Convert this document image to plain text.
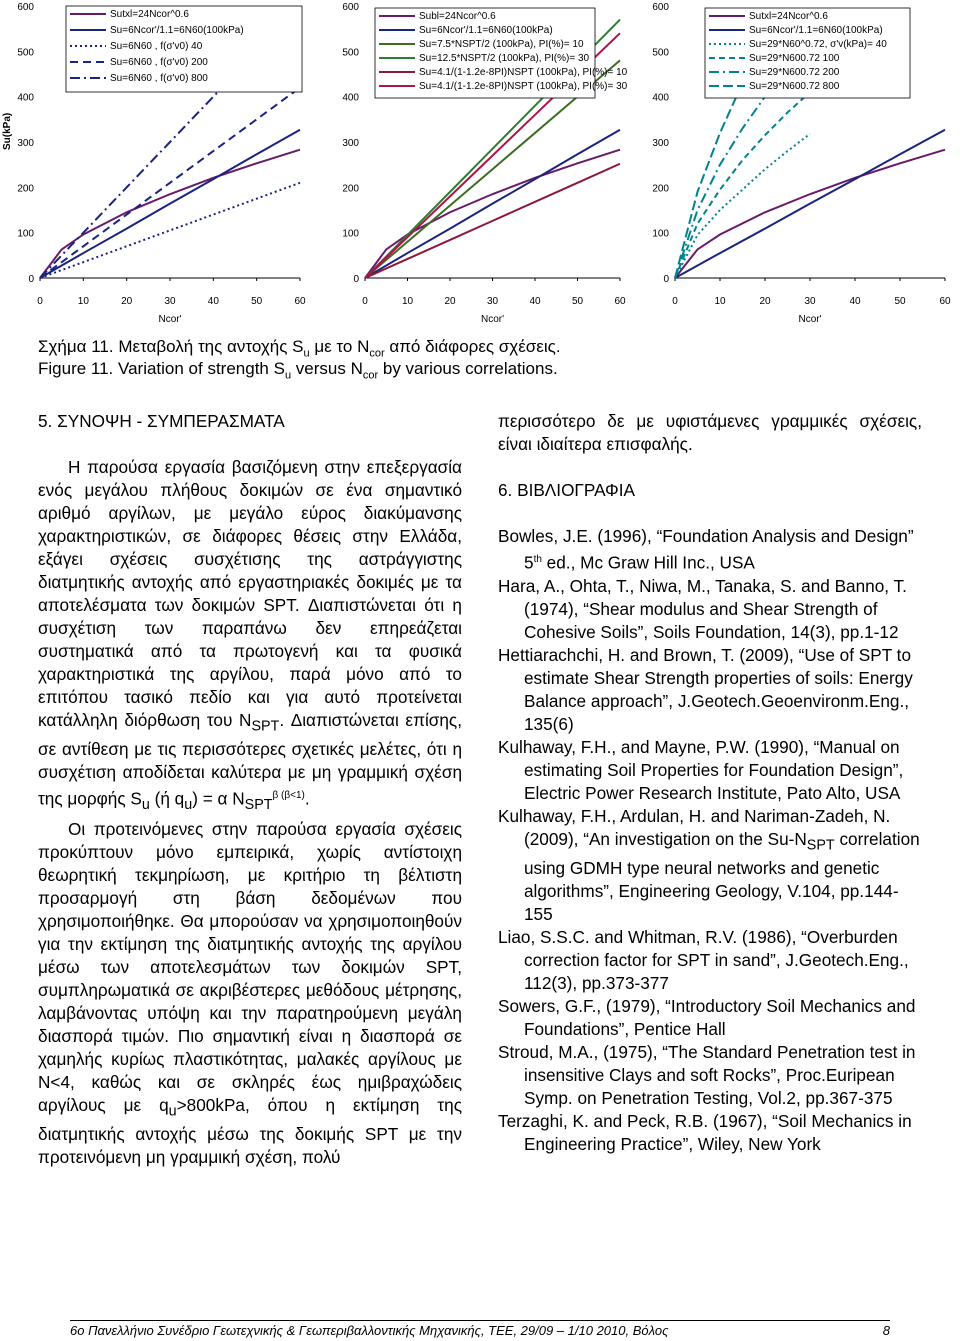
Su(kPa)
0
100
200
300
400
500
600
0	10	20	30	40	50	60
Ncor'
Sutxl=24Ncor^0.6
Su=6Ncor'/1.1=6N60(100kPa)
Su=6N60 , f(σ'v0) 40
Su=6N60 , f(σ'v0) 200
Su=6N60 , f(σ'v0) 800
0
100
200
300
400
500
600
0	10	20	30	40	50	60
Ncor'
Subl=24Ncor^0.6
Su=6Ncor'/1.1=6N60(100kPa)
Su=7.5*NSPT/2 (100kPa), PI(%)= 10
Su=12.5*NSPT/2 (100kPa), PI(%)= 30
Su=4.1/(1-1.2e-8PI)NSPT (100kPa), PI(%)= 10
Su=4.1/(1-1.2e-8PI)NSPT (100kPa), PI(%)= 30
0
100
200
300
400
500
600
0	10	20	30	40	50	60
Ncor'
Sutxl=24Ncor^0.6
Su=6Ncor'/1.1=6N60(100kPa)
Su=29*N60^0.72, σ'v(kPa)= 40
Su=29*N600.72 100
Su=29*N600.72 200
Su=29*N600.72 800
Σχήμα 11. Μεταβολή της αντοχής $S_u$ με το $N_{cor}$ από διάφορες σχέσεις.
Figure 11. Variation of strength $S_u$ versus $N_{cor}$ by various correlations.
5. ΣΥΝΟΨΗ - ΣΥΜΠΕΡΑΣΜΑΤΑ

Η παρούσα εργασία βασιζόμενη στην επεξεργασία ενός μεγάλου πλήθους δοκιμών σε ένα σημαντικό αριθμό αργίλων, με μεγάλο εύρος διακύμανσης χαρακτηριστικών, σε διάφορες θέσεις στην Ελλάδα, εξάγει σχέσεις συσχέτισης της αστράγγιστης διατμητικής αντοχής από εργαστηριακές δοκιμές με τα αποτελέσματα των δοκιμών SPT. Διαπιστώνεται ότι η συσχέτιση των παραπάνω δεν επηρεάζεται συστηματικά από τα πρωτογενή και τα φυσικά χαρακτηριστικά της αργίλου, παρά μόνο από το επιτόπου τασικό πεδίο και για αυτό προτείνεται κατάλληλη διόρθωση του $N_{SPT}$. Διαπιστώνεται επίσης, σε αντίθεση με τις περισσότερες σχετικές μελέτες, ότι η συσχέτιση αποδίδεται καλύτερα με μη γραμμική σχέση της μορφής $S_u$ (ή $q_u) = \alpha$ $N_{SPT}^{\beta (\beta<1)}$.

Οι προτεινόμενες στην παρούσα εργασία σχέσεις προκύπτουν μόνο εμπειρικά, χωρίς αντίστοιχη θεωρητική τεκμηρίωση, με κριτήριο τη βέλτιστη προσαρμογή στη βάση δεδομένων που χρησιμοποιήθηκε. Θα μπορούσαν να χρησιμοποιηθούν για την εκτίμηση της διατμητικής αντοχής της αργίλου μέσω των αποτελεσμάτων των δοκιμών SPT, συμπληρωματικά σε ακριβέστερες μεθόδους μέτρησης, λαμβάνοντας υπόψη και την παρατηρούμενη μεγάλη διασπορά τιμών. Πιο σημαντική είναι η διασπορά σε χαμηλής κυρίως πλαστικότητας, μαλακές αργίλους με N<4, καθώς και σε σκληρές έως ημιβραχώδεις αργίλους με $q_u>800kPa$, όπου η εκτίμηση της διατμητικής αντοχής μέσω της δοκιμής SPT με την προτεινόμενη μη γραμμική σχέση, πολύ

περισσότερο δε με υφιστάμενες γραμμικές σχέσεις, είναι ιδιαίτερα επισφαλής.

6. ΒΙΒΛΙΟΓΡΑΦΙΑ

Bowles, J.E. (1996), “Foundation Analysis and Design” 5th ed., Mc Graw Hill Inc., USA

Hara, A., Ohta, T., Niwa, M., Tanaka, S. and Banno, T. (1974), “Shear modulus and Shear Strength of Cohesive Soils”, Soils Foundation, 14(3), pp.1-12

Hettiarachchi, H. and Brown, T. (2009), “Use of SPT to estimate Shear Strength properties of soils: Energy Balance approach”, J.Geotech.Geoenvironm.Eng., 135(6)

Kulhaway, F.H., and Mayne, P.W. (1990), “Manual on estimating Soil Properties for Foundation Design”, Electric Power Research Institute, Pato Alto, USA

Kulhaway, F.H., Ardulan, H. and Nariman-Zadeh, N. (2009), “An investigation on the $Su-N_{SPT}$ correlation using GDMH type neural networks and genetic algorithms”, Engineering Geology, V.104, pp.144-155

Liao, S.S.C. and Whitman, R.V. (1986), “Overburden correction factor for SPT in sand”, J.Geotech.Eng., 112(3), pp.373-377

Sowers, G.F., (1979), “Introductory Soil Mechanics and Foundations”, Pentice Hall

Stroud, M.A., (1975), “The Standard Penetration test in insensitive Clays and soft Rocks”, Proc.Euripean Symp. on Penetration Testing, Vol.2, pp.367-375

Terzaghi, K. and Peck, R.B. (1967), “Soil Mechanics in Engineering Practice”, Wiley, New York

6ο Πανελλήνιο Συνέδριο Γεωτεχνικής & Γεωπεριβαλλοντικής Μηχανικής, ΤΕΕ, 29/09 – 1/10 2010, Βόλος	8
